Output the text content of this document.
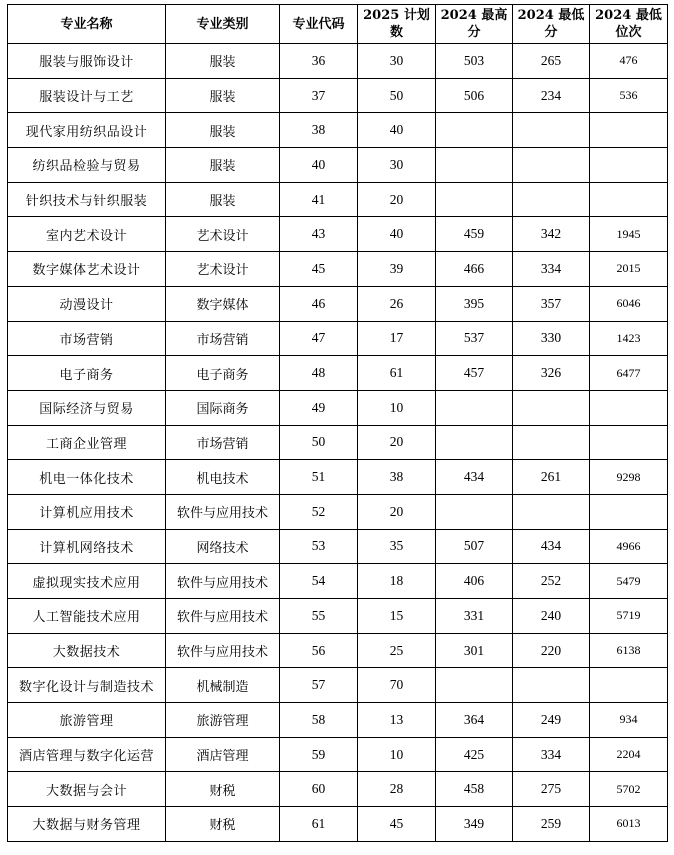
专业名称	专业类别	专业代码	2025 计划数	2024 最高分	2024 最低分	2024 最低 位次
服装与服饰设计	服装	36	30	503	265	476
服装设计与工艺	服装	37	50	506	234	536
现代家用纺织品设计	服装	38	40			
纺织品检验与贸易	服装	40	30			
针织技术与针织服装	服装	41	20			
室内艺术设计	艺术设计	43	40	459	342	1945
数字媒体艺术设计	艺术设计	45	39	466	334	2015
动漫设计	数字媒体	46	26	395	357	6046
市场营销	市场营销	47	17	537	330	1423
电子商务	电子商务	48	61	457	326	6477
国际经济与贸易	国际商务	49	10			
工商企业管理	市场营销	50	20			
机电一体化技术	机电技术	51	38	434	261	9298
计算机应用技术	软件与应用技术	52	20			
计算机网络技术	网络技术	53	35	507	434	4966
虚拟现实技术应用	软件与应用技术	54	18	406	252	5479
人工智能技术应用	软件与应用技术	55	15	331	240	5719
大数据技术	软件与应用技术	56	25	301	220	6138
数字化设计与制造技术	机械制造	57	70			
旅游管理	旅游管理	58	13	364	249	934
酒店管理与数字化运营	酒店管理	59	10	425	334	2204
大数据与会计	财税	60	28	458	275	5702
大数据与财务管理	财税	61	45	349	259	6013
